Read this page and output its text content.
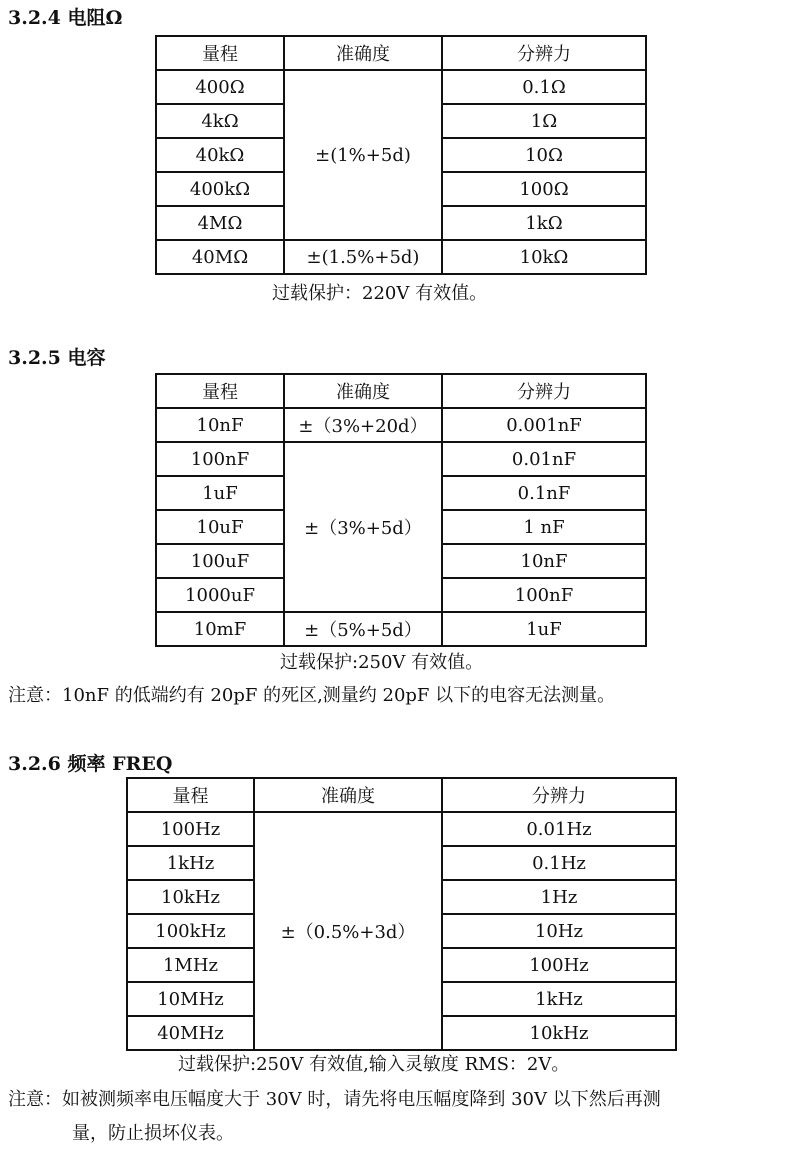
3.2.4 电阻Ω
量程	准确度	分辨力
400Ω	±(1%+5d)	0.1Ω
4kΩ		1Ω
40kΩ		10Ω
400kΩ		100Ω
4MΩ		1kΩ
40MΩ	±(1.5%+5d)	10kΩ
过载保护：220V 有效值。
3.2.5 电容
量程	准确度	分辨力
10nF	±（3%+20d）	0.001nF
100nF	±（3%+5d）	0.01nF
1uF		0.1nF
10uF		1 nF
100uF		10nF
1000uF		100nF
10mF	±（5%+5d）	1uF
过载保护:250V 有效值。
注意：10nF 的低端约有 20pF 的死区,测量约 20pF 以下的电容无法测量。
3.2.6 频率 FREQ
量程	准确度	分辨力
100Hz	±（0.5%+3d）	0.01Hz
1kHz		0.1Hz
10kHz		1Hz
100kHz		10Hz
1MHz		100Hz
10MHz		1kHz
40MHz		10kHz
过载保护:250V 有效值,输入灵敏度 RMS：2V。
注意：如被测频率电压幅度大于 30V 时，请先将电压幅度降到 30V 以下然后再测
量，防止损坏仪表。
